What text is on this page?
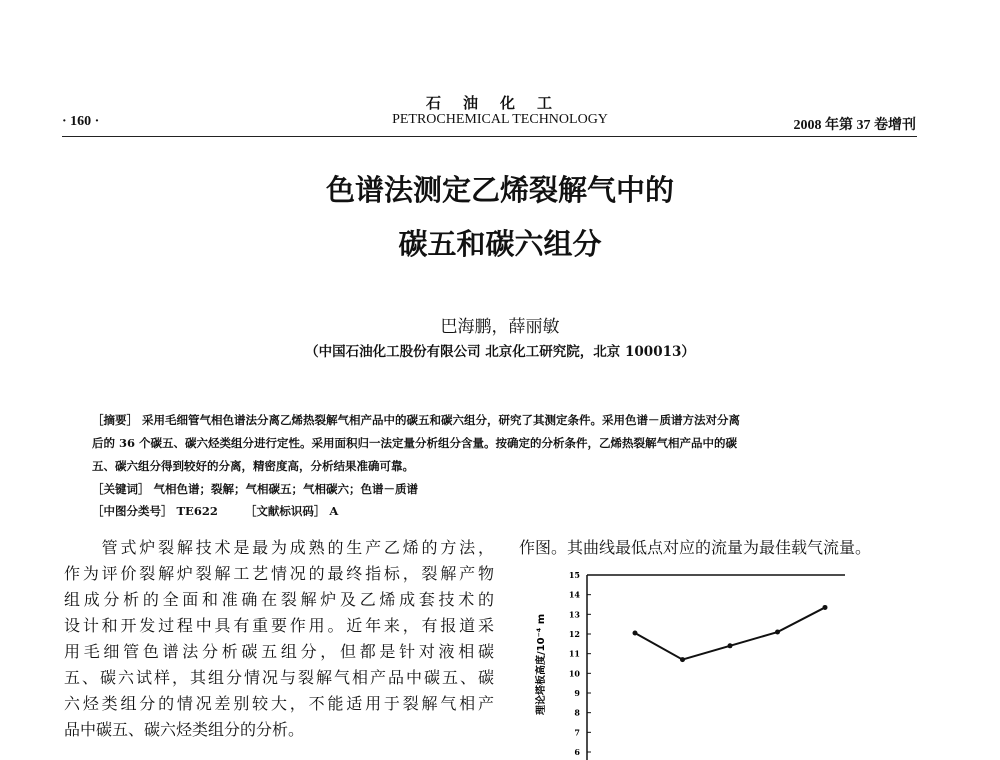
石油化工
PETROCHEMICAL TECHNOLOGY
· 160 ·	2008 年第 37 卷增刊
色谱法测定乙烯裂解气中的
碳五和碳六组分
巴海鹏，薛丽敏
（中国石油化工股份有限公司 北京化工研究院，北京 100013）
［摘要］ 采用毛细管气相色谱法分离乙烯热裂解气相产品中的碳五和碳六组分，研究了其测定条件。采用色谱－质谱方法对分离
后的 36 个碳五、碳六烃类组分进行定性。采用面积归一法定量分析组分含量。按确定的分析条件，乙烯热裂解气相产品中的碳
五、碳六组分得到较好的分离，精密度高，分析结果准确可靠。
［关键词］ 气相色谱；裂解；气相碳五；气相碳六；色谱－质谱
［中图分类号］ TE622　　 ［文献标识码］ A
　　管式炉裂解技术是最为成熟的生产乙烯的方法，
作为评价裂解炉裂解工艺情况的最终指标，裂解产物
组成分析的全面和准确在裂解炉及乙烯成套技术的
设计和开发过程中具有重要作用。近年来，有报道采
用毛细管色谱法分析碳五组分，但都是针对液相碳
五、碳六试样，其组分情况与裂解气相产品中碳五、碳
六烃类组分的情况差别较大，不能适用于裂解气相产
品中碳五、碳六烃类组分的分析。
作图。其曲线最低点对应的流量为最佳载气流量。
15
14
13
12
11
10
9
8
7
6
理论塔板高度/10⁻⁴ m
